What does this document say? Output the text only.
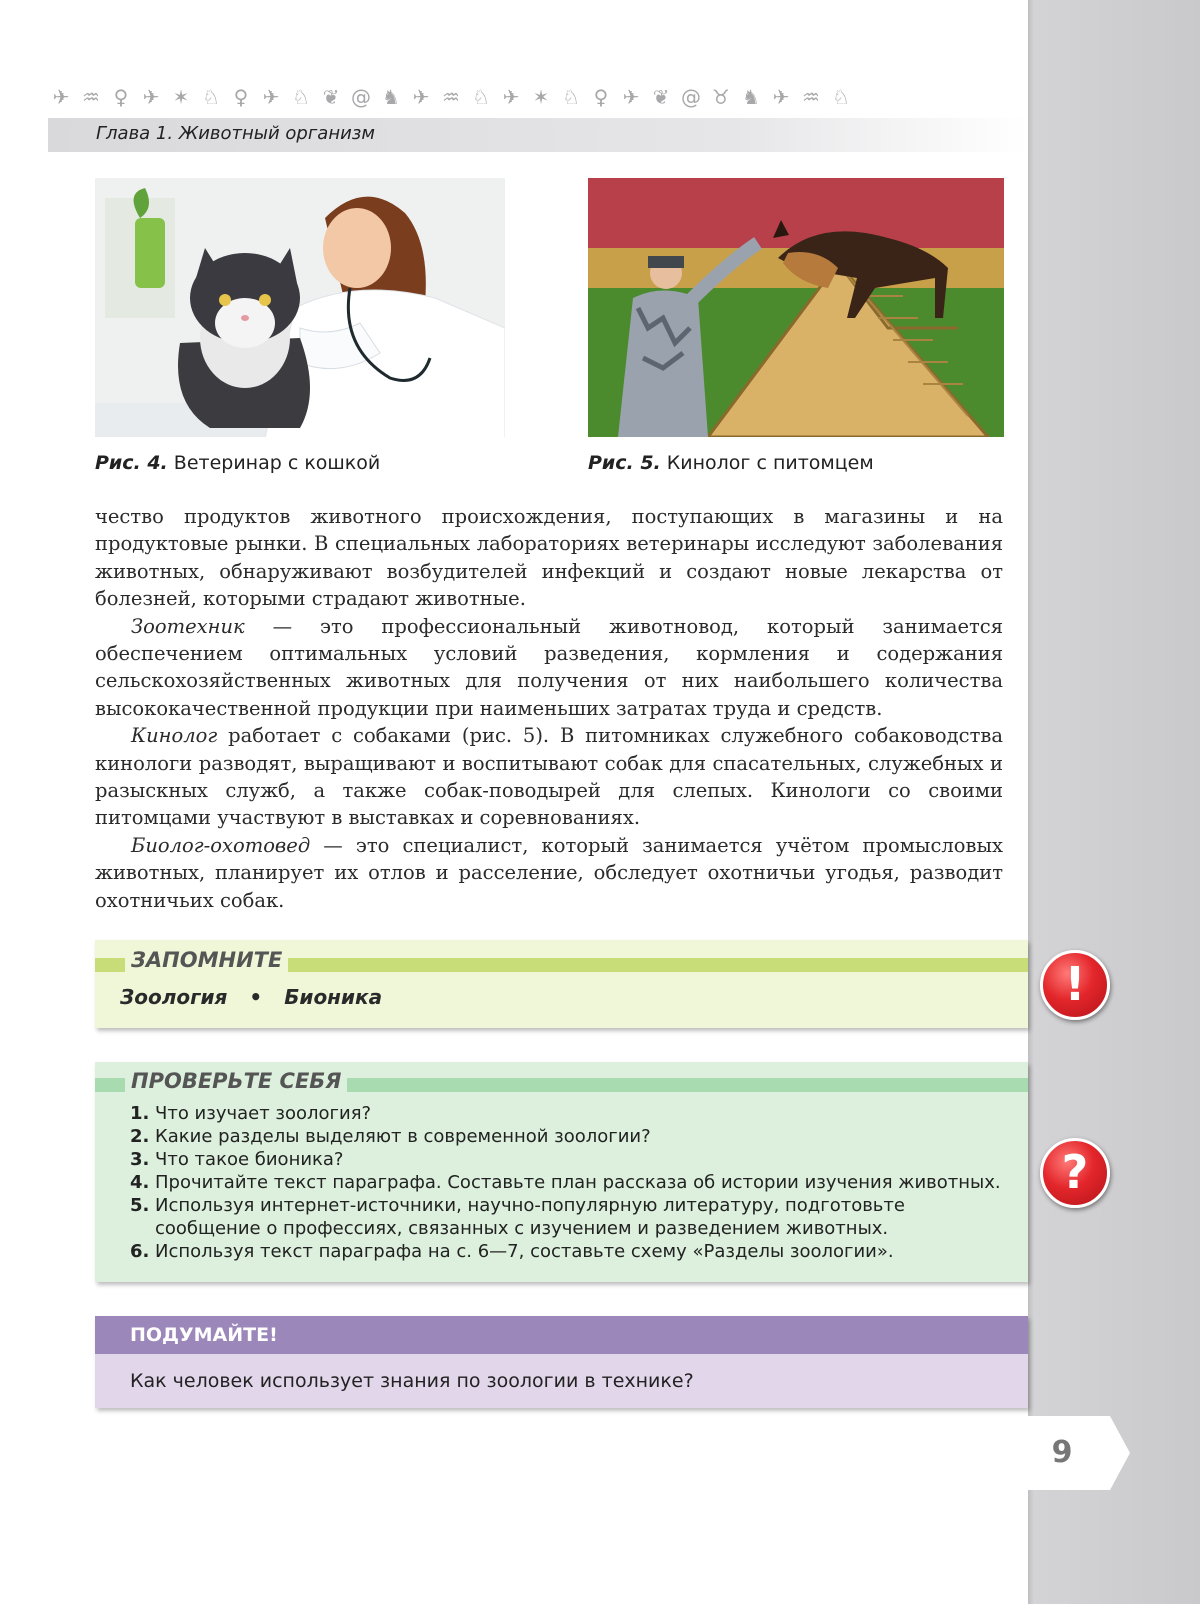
✈ ♒ ♀ ✈ ✶ ♘ ♀ ✈ ♘ ❦ @ ♞ ✈ ♒ ♘ ✈ ✶ ♘ ♀ ✈ ❦ @ ♉ ♞ ✈ ♒ ♘
Глава 1. Животный организм
Рис. 4. Ветеринар с кошкой	Рис. 5. Кинолог с питомцем

чество продуктов животного происхождения, поступающих в магазины и на продуктовые рынки. В специальных лабораториях ветеринары исследуют заболевания животных, обнаруживают возбудителей инфекций и создают новые лекарства от болезней, которыми страдают животные.

Зоотехник — это профессиональный животновод, который занимается обеспечением оптимальных условий разведения, кормления и содержания сельскохозяйственных животных для получения от них наибольшего количества высококачественной продукции при наименьших затратах труда и средств.

Кинолог работает с собаками (рис. 5). В питомниках служебного собаководства кинологи разводят, выращивают и воспитывают собак для спасательных, служебных и разыскных служб, а также собак-поводырей для слепых. Кинологи со своими питомцами участвуют в выставках и соревнованиях.

Биолог-охотовед — это специалист, который занимается учётом промысловых животных, планирует их отлов и расселение, обследует охотничьи угодья, разводит охотничьих собак.

ЗАПОМНИТЕ
Зоология • Бионика	!
ПРОВЕРЬТЕ СЕБЯ
1. Что изучает зоология?
2. Какие разделы выделяют в современной зоологии?
3. Что такое бионика?
4. Прочитайте текст параграфа. Составьте план рассказа об истории изучения животных.
5. Используя интернет-источники, научно-популярную литературу, подготовьте сообщение о профессиях, связанных с изучением и разведением животных.
6. Используя текст параграфа на с. 6—7, составьте схему «Разделы зоологии».
?
ПОДУМАЙТЕ!
Как человек использует знания по зоологии в технике?
9
